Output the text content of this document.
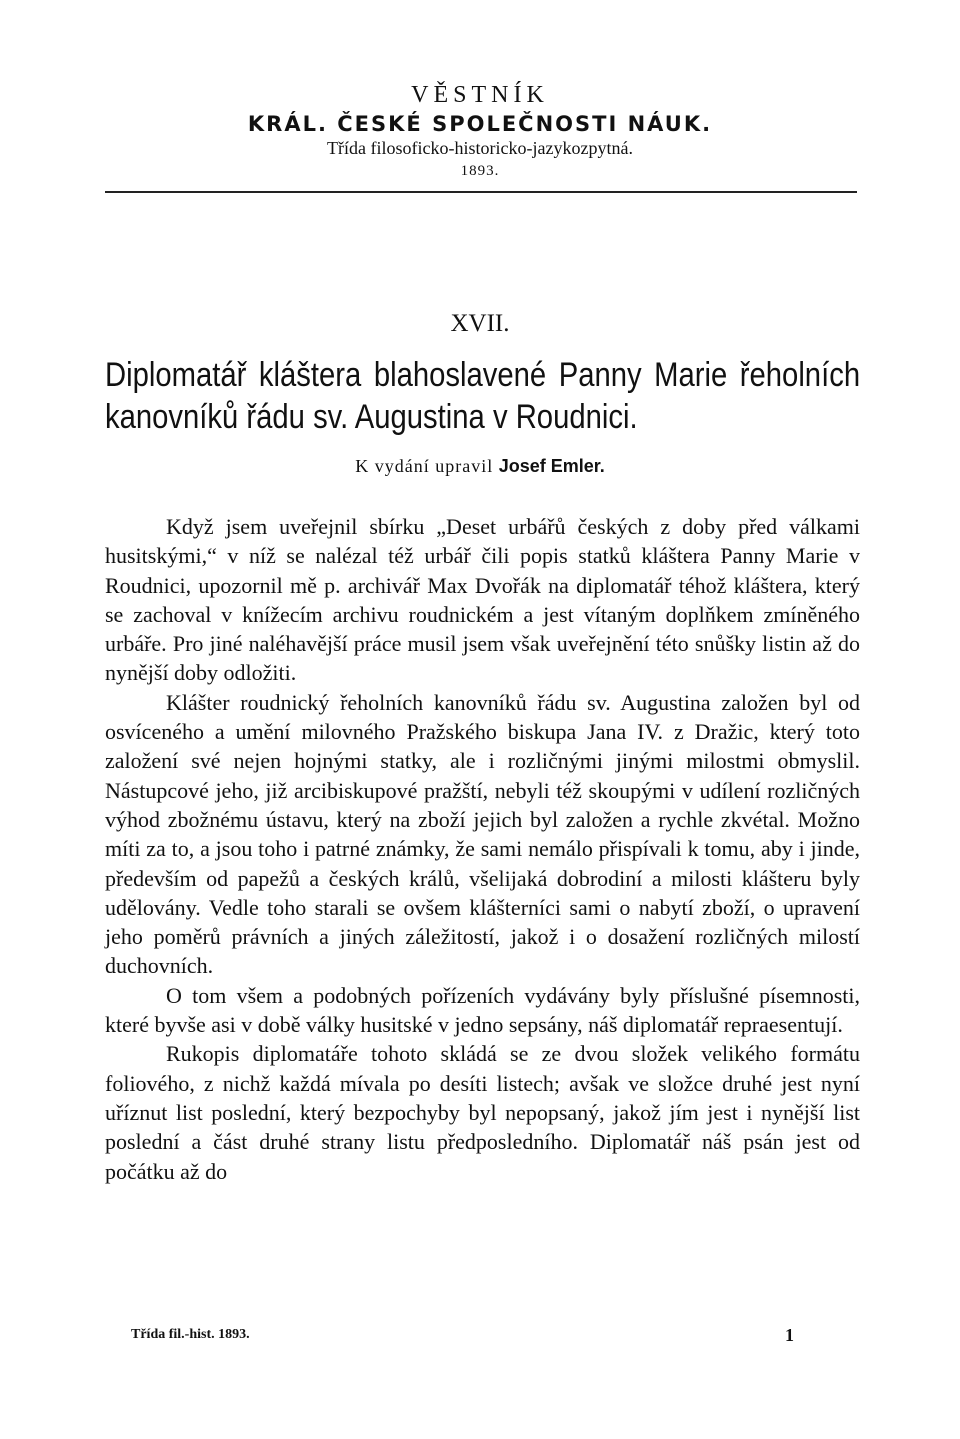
VĚSTNÍK
KRÁL. ČESKÉ SPOLEČNOSTI NÁUK.
Třída filosoficko-historicko-jazykozpytná.
1893.
XVII.
Diplomatář kláštera blahoslavené Panny Marie řeholních kanovníků řádu sv. Augustina v Roudnici.
K vydání upravil Josef Emler.

Když jsem uveřejnil sbírku „Deset urbářů českých z doby před válkami husitskými,“ v níž se nalézal též urbář čili popis statků kláštera Panny Marie v Roudnici, upozornil mě p. archivář Max Dvořák na diplomatář téhož kláštera, který se zachoval v knížecím archivu roudnickém a jest vítaným doplňkem zmíněného urbáře. Pro jiné naléhavější práce musil jsem však uveřejnění této snůšky listin až do nynější doby odložiti.

Klášter roudnický řeholních kanovníků řádu sv. Augustina založen byl od osvíceného a umění milovného Pražského biskupa Jana IV. z Dražic, který toto založení své nejen hojnými statky, ale i rozličnými jinými milostmi obmyslil. Nástupcové jeho, již arcibiskupové pražští, nebyli též skoupými v udílení rozličných výhod zbožnému ústavu, který na zboží jejich byl založen a rychle zkvétal. Možno míti za to, a jsou toho i patrné známky, že sami nemálo přispívali k tomu, aby i jinde, především od papežů a českých králů, všelijaká dobrodiní a milosti klášteru byly udělovány. Vedle toho starali se ovšem klášterníci sami o nabytí zboží, o upravení jeho poměrů právních a jiných záležitostí, jakož i o dosažení rozličných milostí duchovních.

O tom všem a podobných pořízeních vydávány byly příslušné písemnosti, které byvše asi v době války husitské v jedno sepsány, náš diplomatář repraesentují.

Rukopis diplomatáře tohoto skládá se ze dvou složek velikého formátu foliového, z nichž každá mívala po desíti listech; avšak ve složce druhé jest nyní uříznut list poslední, který bezpochyby byl nepopsaný, jakož jím jest i nynější list poslední a část druhé strany listu předposledního. Diplomatář náš psán jest od počátku až do

Třída fil.-hist. 1893.	1
